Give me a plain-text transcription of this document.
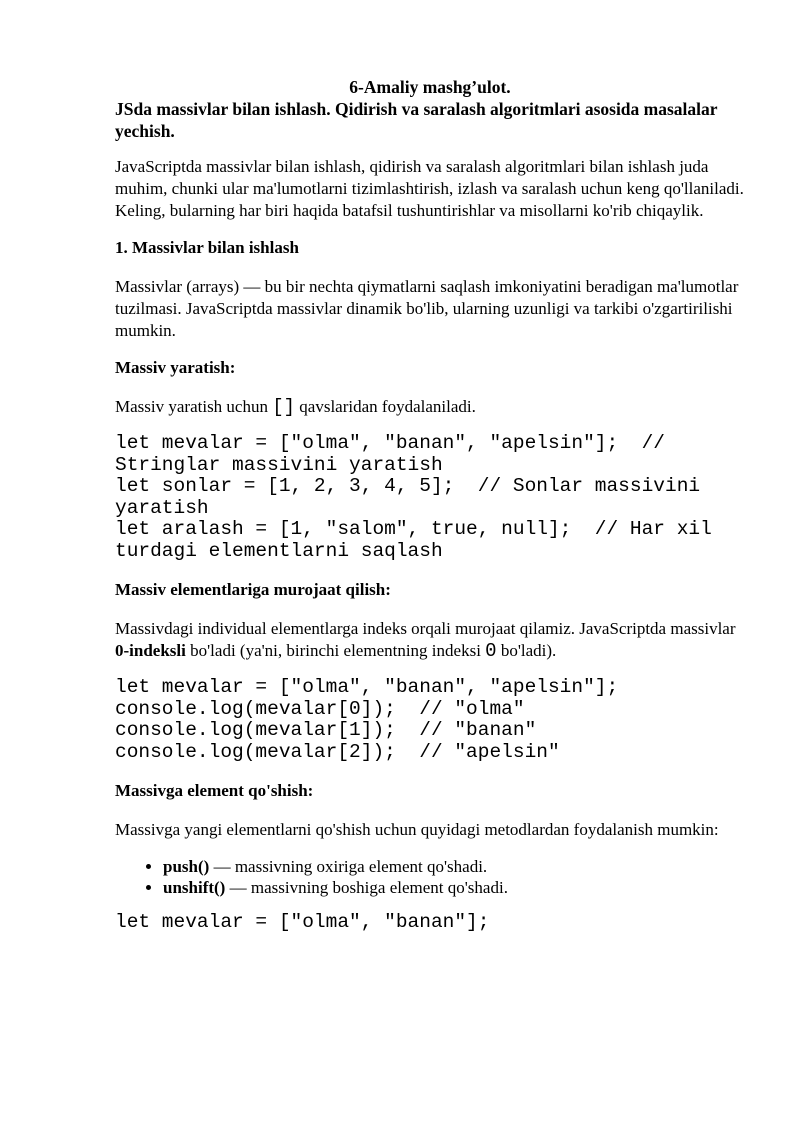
6-Amaliy mashg’ulot.

JSda massivlar bilan ishlash. Qidirish va saralash algoritmlari asosida masalalar yechish.

JavaScriptda massivlar bilan ishlash, qidirish va saralash algoritmlari bilan ishlash juda muhim, chunki ular ma'lumotlarni tizimlashtirish, izlash va saralash uchun keng qo'llaniladi. Keling, bularning har biri haqida batafsil tushuntirishlar va misollarni ko'rib chiqaylik.

1. Massivlar bilan ishlash

Massivlar (arrays) — bu bir nechta qiymatlarni saqlash imkoniyatini beradigan ma'lumotlar tuzilmasi. JavaScriptda massivlar dinamik bo'lib, ularning uzunligi va tarkibi o'zgartirilishi mumkin.

Massiv yaratish:

Massiv yaratish uchun [] qavslaridan foydalaniladi.

let mevalar = ["olma", "banan", "apelsin"];  // Stringlar massivini yaratish
let sonlar = [1, 2, 3, 4, 5];  // Sonlar massivini yaratish
let aralash = [1, "salom", true, null];  // Har xil turdagi elementlarni saqlash
Massiv elementlariga murojaat qilish:

Massivdagi individual elementlarga indeks orqali murojaat qilamiz. JavaScriptda massivlar 0-indeksli bo'ladi (ya'ni, birinchi elementning indeksi 0 bo'ladi).

let mevalar = ["olma", "banan", "apelsin"];
console.log(mevalar[0]);  // "olma"
console.log(mevalar[1]);  // "banan"
console.log(mevalar[2]);  // "apelsin"
Massivga element qo'shish:

Massivga yangi elementlarni qo'shish uchun quyidagi metodlardan foydalanish mumkin:

• push() — massivning oxiriga element qo'shadi.
• unshift() — massivning boshiga element qo'shadi.
let mevalar = ["olma", "banan"];
